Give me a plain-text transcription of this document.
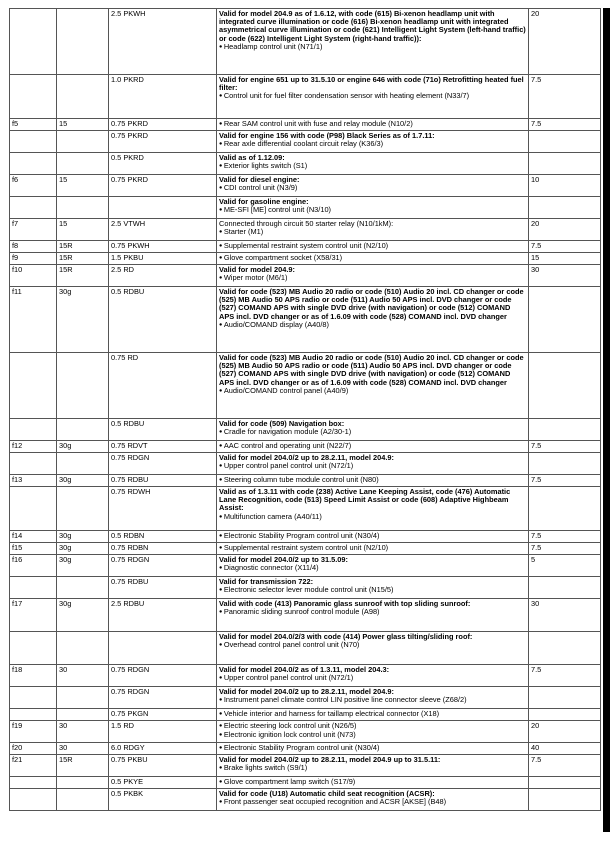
		2.5 PKWH	Valid for model 204.9 as of 1.6.12, with code (615) Bi-xenon headlamp unit with integrated curve illumination or code (616) Bi-xenon headlamp unit with integrated asymmetrical curve illumination or code (621) Intelligent Light System (left-hand traffic) or code (622) Intelligent Light System (right-hand traffic)):
● Headlamp control unit (N71/1)	20
		1.0 PKRD	Valid for engine 651 up to 31.5.10 or engine 646 with code (71o) Retrofitting heated fuel filter:
● Control unit for fuel filter condensation sensor with heating element (N33/7)	7.5
f5	15	0.75 PKRD	● Rear SAM control unit with fuse and relay module (N10/2)	7.5
		0.75 PKRD	Valid for engine 156 with code (P98) Black Series as of 1.7.11:
● Rear axle differential coolant circuit relay (K36/3)

		0.5 PKRD	Valid as of 1.12.09:
● Exterior lights switch (S1)

f6	15	0.75 PKRD	Valid for diesel engine:
● CDI control unit (N3/9)	10

			Valid for gasoline engine:
● ME-SFI [ME] control unit (N3/10)

f7	15	2.5 VTWH	Connected through circuit 50 starter relay (N10/1kM):
● Starter (M1)	20
f8	15R	0.75 PKWH	● Supplemental restraint system control unit (N2/10)	7.5
f9	15R	1.5 PKBU	● Glove compartment socket (X58/31)	15
f10	15R	2.5 RD	Valid for model 204.9:
● Wiper motor (M6/1)	30
f11	30g	0.5 RDBU	Valid for code (523) MB Audio 20 radio or code (510) Audio 20 incl. CD changer or code (525) MB Audio 50 APS radio or code (511) Audio 50 APS incl. DVD changer or code (527) COMAND APS with single DVD drive (with navigation) or code (512) COMAND APS incl. DVD changer or as of 1.6.09 with code (528) COMAND incl. DVD changer
● Audio/COMAND display (A40/8)

		0.75 RD	Valid for code (523) MB Audio 20 radio or code (510) Audio 20 incl. CD changer or code (525) MB Audio 50 APS radio or code (511) Audio 50 APS incl. DVD changer or code (527) COMAND APS with single DVD drive (with navigation) or code (512) COMAND APS incl. DVD changer or as of 1.6.09 with code (528) COMAND incl. DVD changer
● Audio/COMAND control panel (A40/9)

		0.5 RDBU	Valid for code (509) Navigation box:
● Cradle for navigation module (A2/30-1)

f12	30g	0.75 RDVT	● AAC control and operating unit (N22/7)	7.5
		0.75 RDGN	Valid for model 204.0/2 up to 28.2.11, model 204.9:
● Upper control panel control unit (N72/1)

f13	30g	0.75 RDBU	● Steering column tube module control unit (N80)	7.5
		0.75 RDWH	Valid as of 1.3.11 with code (238) Active Lane Keeping Assist, code (476) Automatic Lane Recognition, code (513) Speed Limit Assist or code (608) Adaptive Highbeam Assist:
● Multifunction camera (A40/11)

f14	30g	0.5 RDBN	● Electronic Stability Program control unit (N30/4)	7.5
f15	30g	0.75 RDBN	● Supplemental restraint system control unit (N2/10)	7.5
f16	30g	0.75 RDGN	Valid for model 204.0/2 up to 31.5.09:
● Diagnostic connector (X11/4)	5
		0.75 RDBU	Valid for transmission 722:
● Electronic selector lever module control unit (N15/5)

f17	30g	2.5 RDBU	Valid with code (413) Panoramic glass sunroof with top sliding sunroof:
● Panoramic sliding sunroof control module (A98)	30

			Valid for model 204.0/2/3 with code (414) Power glass tilting/sliding roof:
● Overhead control panel control unit (N70)

f18	30	0.75 RDGN	Valid for model 204.0/2 as of 1.3.11, model 204.3:
● Upper control panel control unit (N72/1)	7.5
		0.75 RDGN	Valid for model 204.0/2 up to 28.2.11, model 204.9:
● Instrument panel climate control LIN positive line connector sleeve (Z68/2)

		0.75 PKGN	● Vehicle interior and harness for taillamp electrical connector (X18)

f19	30	1.5 RD	● Electric steering lock control unit (N26/5)
● Electronic ignition lock control unit (N73)	20
f20	30	6.0 RDGY	● Electronic Stability Program control unit (N30/4)	40
f21	15R	0.75 PKBU	Valid for model 204.0/2 up to 28.2.11, model 204.9 up to 31.5.11:
● Brake lights switch (S9/1)	7.5
		0.5 PKYE	● Glove compartment lamp switch (S17/9)

		0.5 PKBK	Valid for code (U18) Automatic child seat recognition (ACSR):
● Front passenger seat occupied recognition and ACSR [AKSE] (B48)
